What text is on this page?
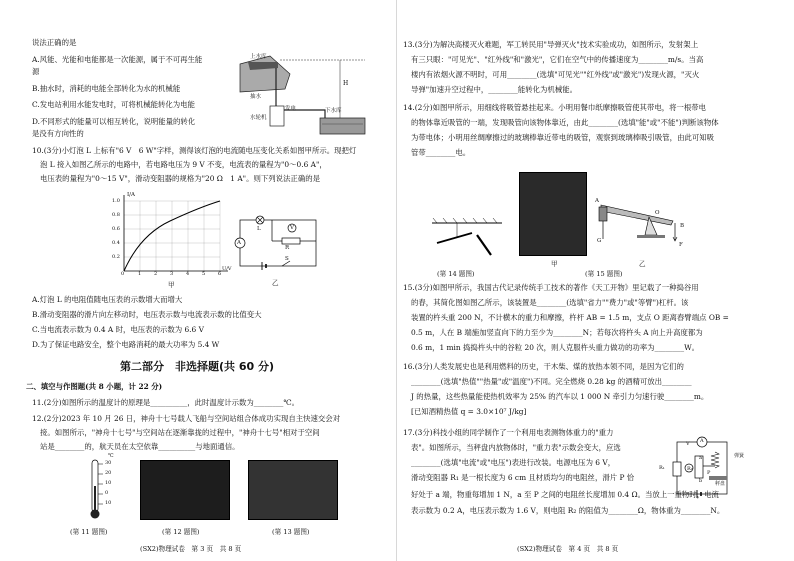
说法正确的是
A.风能、光能和电能都是一次能源，属于不可再生能
源
B.抽水时，消耗的电能全部转化为水的机械能
C.发电站利用水能发电时，可将机械能转化为电能
D.不同形式的能量可以相互转化，说明能量的转化
是没有方向性的
上水库
H
抽水
发电
水轮机
下水库
10.(3分)小灯泡 L 上标有"6 V　6 W"字样，测得该灯泡的电流随电压变化关系如图甲所示。现把灯
泡 L 接入如图乙所示的电路中，若电路电压为 9 V 不变，电流表的量程为"0～0.6 A"，
电压表的量程为"0～15 V"，滑动变阻器的规格为"20 Ω　1 A"。则下列说法正确的是
I/A
1.0
0.8
0.6
0.4
0.2
0	1	2	3	4	5	6
U/V
甲
A
V
L
R
S
乙
A.灯泡 L 的电阻值随电压表的示数增大而增大
B.滑动变阻器的滑片向左移动时，电压表示数与电流表示数的比值变大
C.当电流表示数为 0.4 A 时，电压表的示数为 6.6 V
D.为了保证电路安全，整个电路消耗的最大功率为 5.4 W
第二部分　非选择题(共 60 分)
二、填空与作图题(共 8 小题，计 22 分)
11.(2分)如图所示的温度计的原理是__________，此时温度计示数为________℃。
12.(2分)2023 年 10 月 26 日，神舟十七号载人飞船与空间站组合体成功实现自主快速交会对
接。如图所示，"神舟十七号"与空间站在逐渐靠拢的过程中，"神舟十七号"相对于空间
站是________的，航天员在太空依靠__________与地面通信。
30
20
10
0
10
℃
(第 11 题图)	(第 12 题图)	(第 13 题图)
(SX2)物理试卷　第 3 页　共 8 页
13.(3分)为解决高楼灭火难题，军工转民用"导弹灭火"技术实验成功，如图所示，发射架上
有三只眼："可见光"、"红外线"和"激光"，它们在空气中的传播速度为________m/s。当高
楼内有浓烟火源不明时，可用________(选填"可见光""红外线"或"激光")发现火源，"灭火
导弹"加速升空过程中，________能转化为机械能。
14.(2分)如图甲所示，用细线将吸管悬挂起来。小明用餐巾纸摩擦吸管使其带电，将一根带电
的物体靠近吸管的一端，发现吸管向该物体靠近，由此________(选填"能"或"不能")判断该物体
为带电体；小明用丝绸摩擦过的玻璃棒靠近带电的吸管，观察到玻璃棒吸引吸管，由此可知吸
管带________电。
(第 14 题图)
甲
A
O
B
G
F
乙
(第 15 题图)
15.(3分)如图甲所示，我国古代记录传统手工技术的著作《天工开物》里记载了一种捣谷用
的舂，其简化图如图乙所示，该装置是________(选填"省力""费力"或"等臂")杠杆。该
装置的杵头重 200 N，不计横木的重力和摩擦，杵杆 AB = 1.5 m，支点 O 距离舂臂端点 OB =
0.5 m，人在 B 端施加竖直向下的力至少为________N；若每次将杵头 A 向上升高度都为
0.6 m，1 min 捣捣杵头中的谷粒 20 次，则人克服杵头重力做功的功率为________W。
16.(3分)人类发展史也是利用燃料的历史，干木柴、煤的放热本领不同，是因为它们的
________(选填"热值""热量"或"温度")不同。完全燃烧 0.28 kg 的酒精可放出________
J 的热量，这些热量能使热机效率为 25% 的汽车以 1 000 N 牵引力匀速行驶________m。
[已知酒精热值 q = 3.0×10⁷ J/kg]
17.(3分)科技小组的同学制作了一个利用电表测物体重力的"重力
表"。如图所示，当秤盘内放物体时，"重力表"示数会变大，应选
________(选填"电流"或"电压")表进行改装。电源电压为 6 V，
滑动变阻器 R₁ 是一根长度为 6 cm 且材质均匀的电阻丝，滑片 P 恰
好处于 a 端，物重每增加 1 N，a 至 P 之间的电阻丝长度增加 0.4 Ω。当放上一重物时，电流
表示数为 0.2 A，电压表示数为 1.6 V，则电阻 R₂ 的阻值为________Ω，物体重为________N。
弹簧
秤盘
R₁
P
a
b
R₂
V A
(SX2)物理试卷　第 4 页　共 8 页
